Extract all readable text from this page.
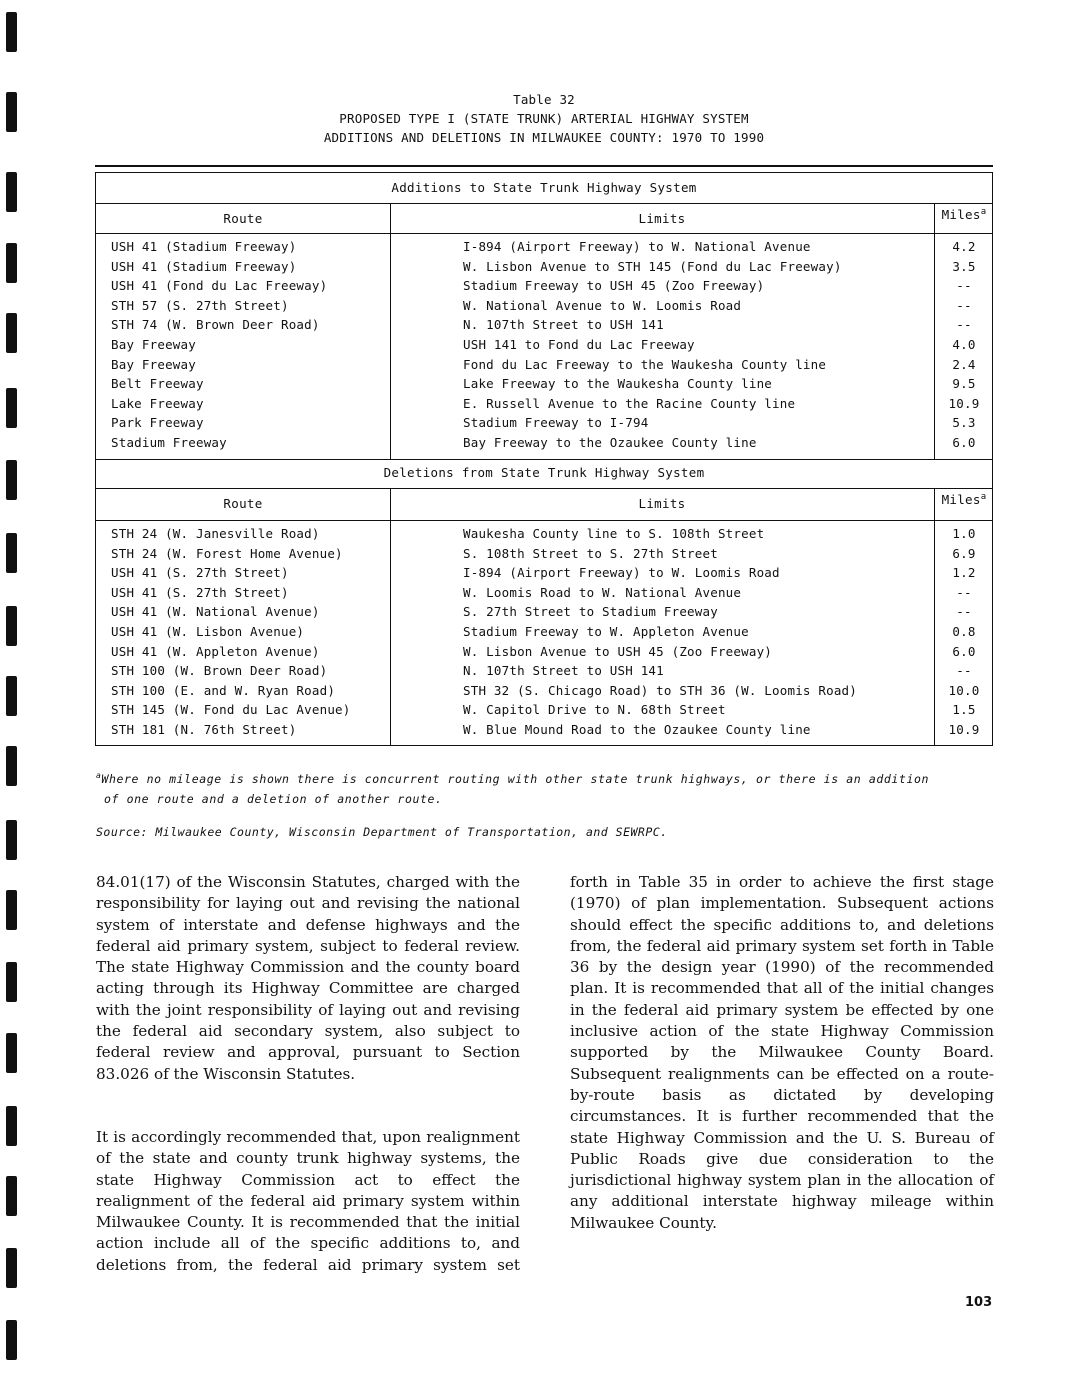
Table 32
PROPOSED TYPE I (STATE TRUNK) ARTERIAL HIGHWAY SYSTEM
ADDITIONS AND DELETIONS IN MILWAUKEE COUNTY: 1970 TO 1990
Additions to State Trunk Highway System
Route	Limits	Miles$^a$
USH 41 (Stadium Freeway)	I-894 (Airport Freeway) to W. National Avenue	4.2
USH 41 (Stadium Freeway)	W. Lisbon Avenue to STH 145 (Fond du Lac Freeway)	3.5
USH 41 (Fond du Lac Freeway)	Stadium Freeway to USH 45 (Zoo Freeway)	--
STH 57 (S. 27th Street)	W. National Avenue to W. Loomis Road	--
STH 74 (W. Brown Deer Road)	N. 107th Street to USH 141	--
Bay Freeway	USH 141 to Fond du Lac Freeway	4.0
Bay Freeway	Fond du Lac Freeway to the Waukesha County line	2.4
Belt Freeway	Lake Freeway to the Waukesha County line	9.5
Lake Freeway	E. Russell Avenue to the Racine County line	10.9
Park Freeway	Stadium Freeway to I-794	5.3
Stadium Freeway	Bay Freeway to the Ozaukee County line	6.0
Deletions from State Trunk Highway System
Route	Limits	Miles$^a$
STH 24 (W. Janesville Road)	Waukesha County line to S. 108th Street	1.0
STH 24 (W. Forest Home Avenue)	S. 108th Street to S. 27th Street	6.9
USH 41 (S. 27th Street)	I-894 (Airport Freeway) to W. Loomis Road	1.2
USH 41 (S. 27th Street)	W. Loomis Road to W. National Avenue	--
USH 41 (W. National Avenue)	S. 27th Street to Stadium Freeway	--
USH 41 (W. Lisbon Avenue)	Stadium Freeway to W. Appleton Avenue	0.8
USH 41 (W. Appleton Avenue)	W. Lisbon Avenue to USH 45 (Zoo Freeway)	6.0
STH 100 (W. Brown Deer Road)	N. 107th Street to USH 141	--
STH 100 (E. and W. Ryan Road)	STH 32 (S. Chicago Road) to STH 36 (W. Loomis Road)	10.0
STH 145 (W. Fond du Lac Avenue)	W. Capitol Drive to N. 68th Street	1.5
STH 181 (N. 76th Street)	W. Blue Mound Road to the Ozaukee County line	10.9
$^a$Where no mileage is shown there is concurrent routing with other state trunk highways, or there is an addition
of one route and a deletion of another route.
Source: Milwaukee County, Wisconsin Department of Transportation, and SEWRPC.

84.01(17) of the Wisconsin Statutes, charged with the responsibility for laying out and revising the national system of interstate and defense highways and the federal aid primary system, subject to federal review. The state Highway Commission and the county board acting through its Highway Committee are charged with the joint responsibility of laying out and revising the federal aid secondary system, also subject to federal review and approval, pursuant to Section 83.026 of the Wisconsin Statutes.

It is accordingly recommended that, upon realignment of the state and county trunk highway systems, the state Highway Commission act to effect the realignment of the federal aid primary system within Milwaukee County. It is recommended that the initial action include all of the specific additions to, and deletions from, the federal aid primary system set

forth in Table 35 in order to achieve the first stage (1970) of plan implementation. Subsequent actions should effect the specific additions to, and deletions from, the federal aid primary system set forth in Table 36 by the design year (1990) of the recommended plan. It is recommended that all of the initial changes in the federal aid primary system be effected by one inclusive action of the state Highway Commission supported by the Milwaukee County Board. Subsequent realignments can be effected on a route-by-route basis as dictated by developing circumstances. It is further recommended that the state Highway Commission and the U. S. Bureau of Public Roads give due consideration to the jurisdictional highway system plan in the allocation of any additional interstate highway mileage within Milwaukee County.

103
